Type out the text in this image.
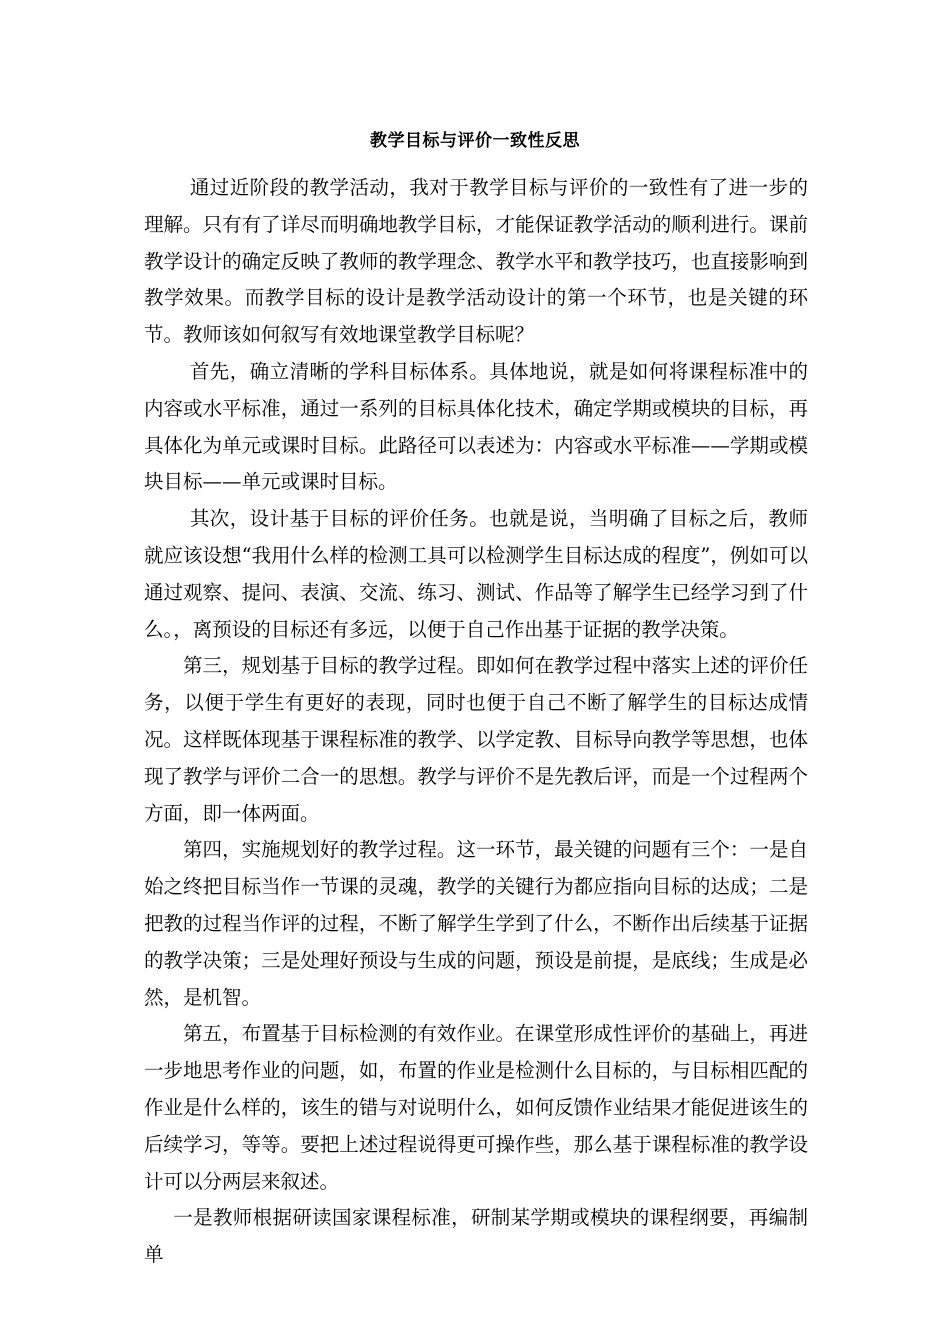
教学目标与评价一致性反思

通过近阶段的教学活动，我对于教学目标与评价的一致性有了进一步的理解。只有有了详尽而明确地教学目标，才能保证教学活动的顺利进行。课前教学设计的确定反映了教师的教学理念、教学水平和教学技巧，也直接影响到教学效果。而教学目标的设计是教学活动设计的第一个环节，也是关键的环节。教师该如何叙写有效地课堂教学目标呢？

首先，确立清晰的学科目标体系。具体地说，就是如何将课程标准中的内容或水平标准，通过一系列的目标具体化技术，确定学期或模块的目标，再具体化为单元或课时目标。此路径可以表述为：内容或水平标准——学期或模块目标——单元或课时目标。

其次，设计基于目标的评价任务。也就是说，当明确了目标之后，教师就应该设想“我用什么样的检测工具可以检测学生目标达成的程度”，例如可以通过观察、提问、表演、交流、练习、测试、作品等了解学生已经学习到了什么。，离预设的目标还有多远，以便于自己作出基于证据的教学决策。

第三，规划基于目标的教学过程。即如何在教学过程中落实上述的评价任务，以便于学生有更好的表现，同时也便于自己不断了解学生的目标达成情况。这样既体现基于课程标准的教学、以学定教、目标导向教学等思想，也体现了教学与评价二合一的思想。教学与评价不是先教后评，而是一个过程两个方面，即一体两面。

第四，实施规划好的教学过程。这一环节，最关键的问题有三个：一是自始之终把目标当作一节课的灵魂，教学的关键行为都应指向目标的达成；二是把教的过程当作评的过程，不断了解学生学到了什么，不断作出后续基于证据的教学决策；三是处理好预设与生成的问题，预设是前提，是底线；生成是必然，是机智。

第五，布置基于目标检测的有效作业。在课堂形成性评价的基础上，再进一步地思考作业的问题，如，布置的作业是检测什么目标的，与目标相匹配的作业是什么样的，该生的错与对说明什么，如何反馈作业结果才能促进该生的后续学习，等等。要把上述过程说得更可操作些，那么基于课程标准的教学设计可以分两层来叙述。

一是教师根据研读国家课程标准，研制某学期或模块的课程纲要，再编制单
